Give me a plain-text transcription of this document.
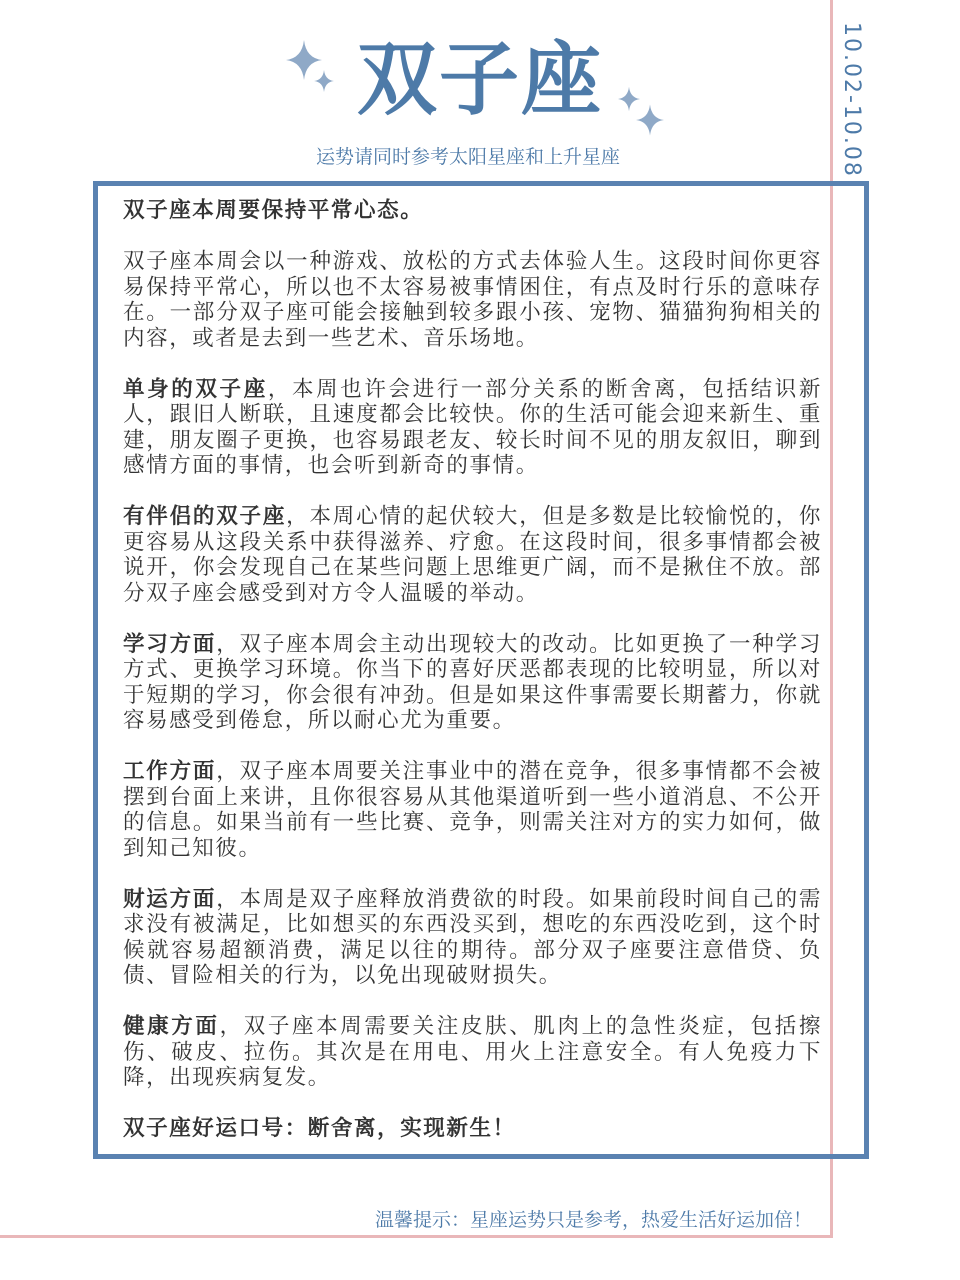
双子座
运势请同时参考太阳星座和上升星座	10.02-10.08

双子座本周要保持平常心态。

双子座本周会以一种游戏、放松的方式去体验人生。这段时间你更容易保持平常心，所以也不太容易被事情困住，有点及时行乐的意味存在。一部分双子座可能会接触到较多跟小孩、宠物、猫猫狗狗相关的内容，或者是去到一些艺术、音乐场地。

单身的双子座，本周也许会进行一部分关系的断舍离，包括结识新人，跟旧人断联，且速度都会比较快。你的生活可能会迎来新生、重建，朋友圈子更换，也容易跟老友、较长时间不见的朋友叙旧，聊到感情方面的事情，也会听到新奇的事情。

有伴侣的双子座，本周心情的起伏较大，但是多数是比较愉悦的，你更容易从这段关系中获得滋养、疗愈。在这段时间，很多事情都会被说开，你会发现自己在某些问题上思维更广阔，而不是揪住不放。部分双子座会感受到对方令人温暖的举动。

学习方面，双子座本周会主动出现较大的改动。比如更换了一种学习方式、更换学习环境。你当下的喜好厌恶都表现的比较明显，所以对于短期的学习，你会很有冲劲。但是如果这件事需要长期蓄力，你就容易感受到倦怠，所以耐心尤为重要。

工作方面，双子座本周要关注事业中的潜在竞争，很多事情都不会被摆到台面上来讲，且你很容易从其他渠道听到一些小道消息、不公开的信息。如果当前有一些比赛、竞争，则需关注对方的实力如何，做到知己知彼。

财运方面，本周是双子座释放消费欲的时段。如果前段时间自己的需求没有被满足，比如想买的东西没买到，想吃的东西没吃到，这个时候就容易超额消费，满足以往的期待。部分双子座要注意借贷、负债、冒险相关的行为，以免出现破财损失。

健康方面，双子座本周需要关注皮肤、肌肉上的急性炎症，包括擦伤、破皮、拉伤。其次是在用电、用火上注意安全。有人免疫力下降，出现疾病复发。

双子座好运口号：断舍离，实现新生！

温馨提示：星座运势只是参考，热爱生活好运加倍！
